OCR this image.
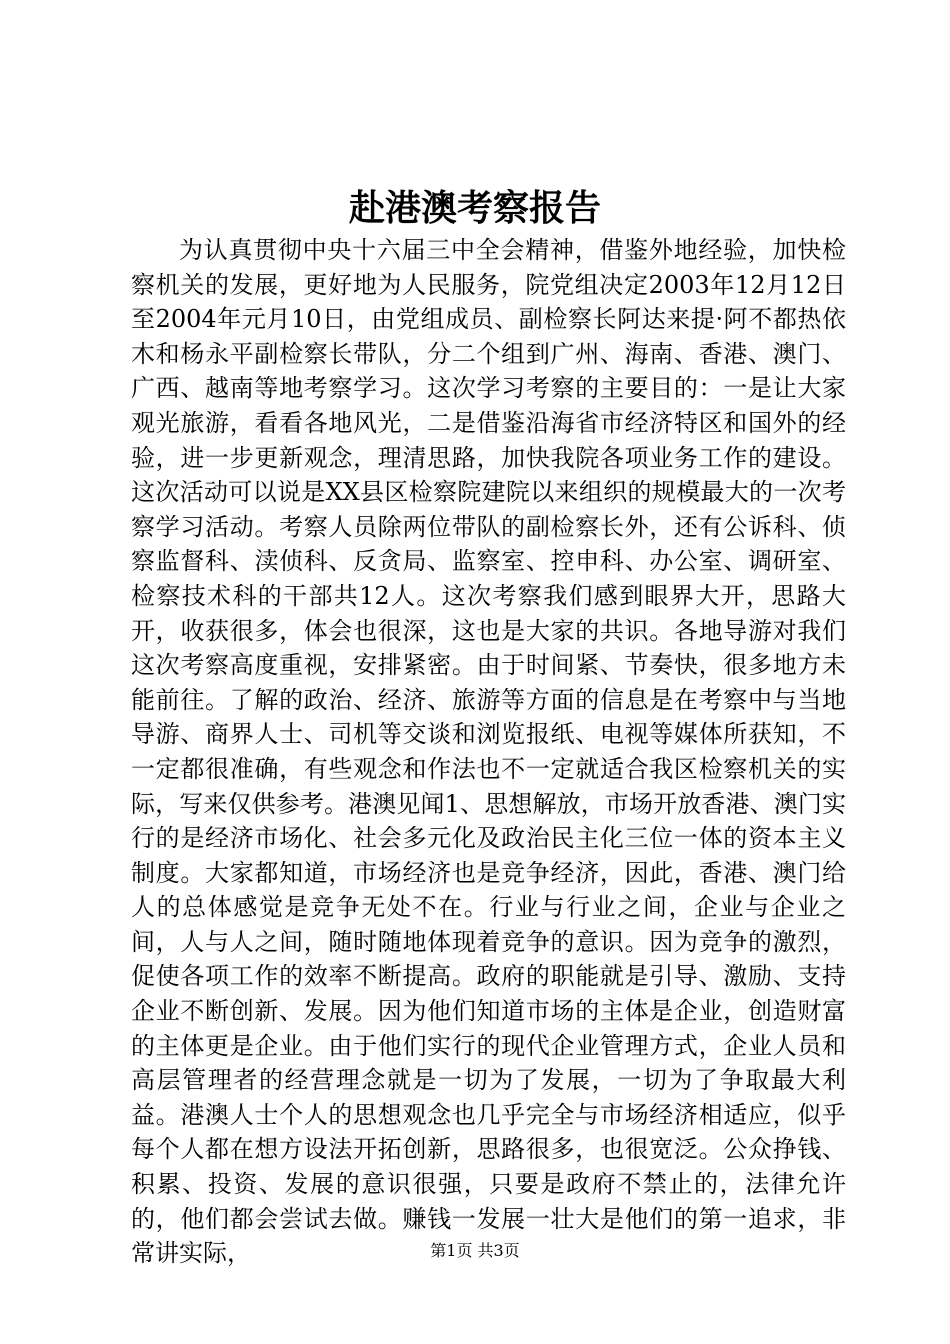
赴港澳考察报告

为认真贯彻中央十六届三中全会精神，借鉴外地经验，加快检察机关的发展，更好地为人民服务，院党组决定2003年12月12日至2004年元月10日，由党组成员、副检察长阿达来提·阿不都热依木和杨永平副检察长带队，分二个组到广州、海南、香港、澳门、广西、越南等地考察学习。这次学习考察的主要目的：一是让大家观光旅游，看看各地风光，二是借鉴沿海省市经济特区和国外的经验，进一步更新观念，理清思路，加快我院各项业务工作的建设。这次活动可以说是XX县区检察院建院以来组织的规模最大的一次考察学习活动。考察人员除两位带队的副检察长外，还有公诉科、侦察监督科、渎侦科、反贪局、监察室、控申科、办公室、调研室、检察技术科的干部共12人。这次考察我们感到眼界大开，思路大开，收获很多，体会也很深，这也是大家的共识。各地导游对我们这次考察高度重视，安排紧密。由于时间紧、节奏快，很多地方未能前往。了解的政治、经济、旅游等方面的信息是在考察中与当地导游、商界人士、司机等交谈和浏览报纸、电视等媒体所获知，不一定都很准确，有些观念和作法也不一定就适合我区检察机关的实际，写来仅供参考。港澳见闻1、思想解放，市场开放香港、澳门实行的是经济市场化、社会多元化及政治民主化三位一体的资本主义制度。大家都知道，市场经济也是竞争经济，因此，香港、澳门给人的总体感觉是竞争无处不在。行业与行业之间，企业与企业之间，人与人之间，随时随地体现着竞争的意识。因为竞争的激烈，促使各项工作的效率不断提高。政府的职能就是引导、激励、支持企业不断创新、发展。因为他们知道市场的主体是企业，创造财富的主体更是企业。由于他们实行的现代企业管理方式，企业人员和高层管理者的经营理念就是一切为了发展，一切为了争取最大利益。港澳人士个人的思想观念也几乎完全与市场经济相适应，似乎每个人都在想方设法开拓创新，思路很多，也很宽泛。公众挣钱、积累、投资、发展的意识很强，只要是政府不禁止的，法律允许的，他们都会尝试去做。赚钱一发展一壮大是他们的第一追求，非常讲实际，	第1页 共3页
